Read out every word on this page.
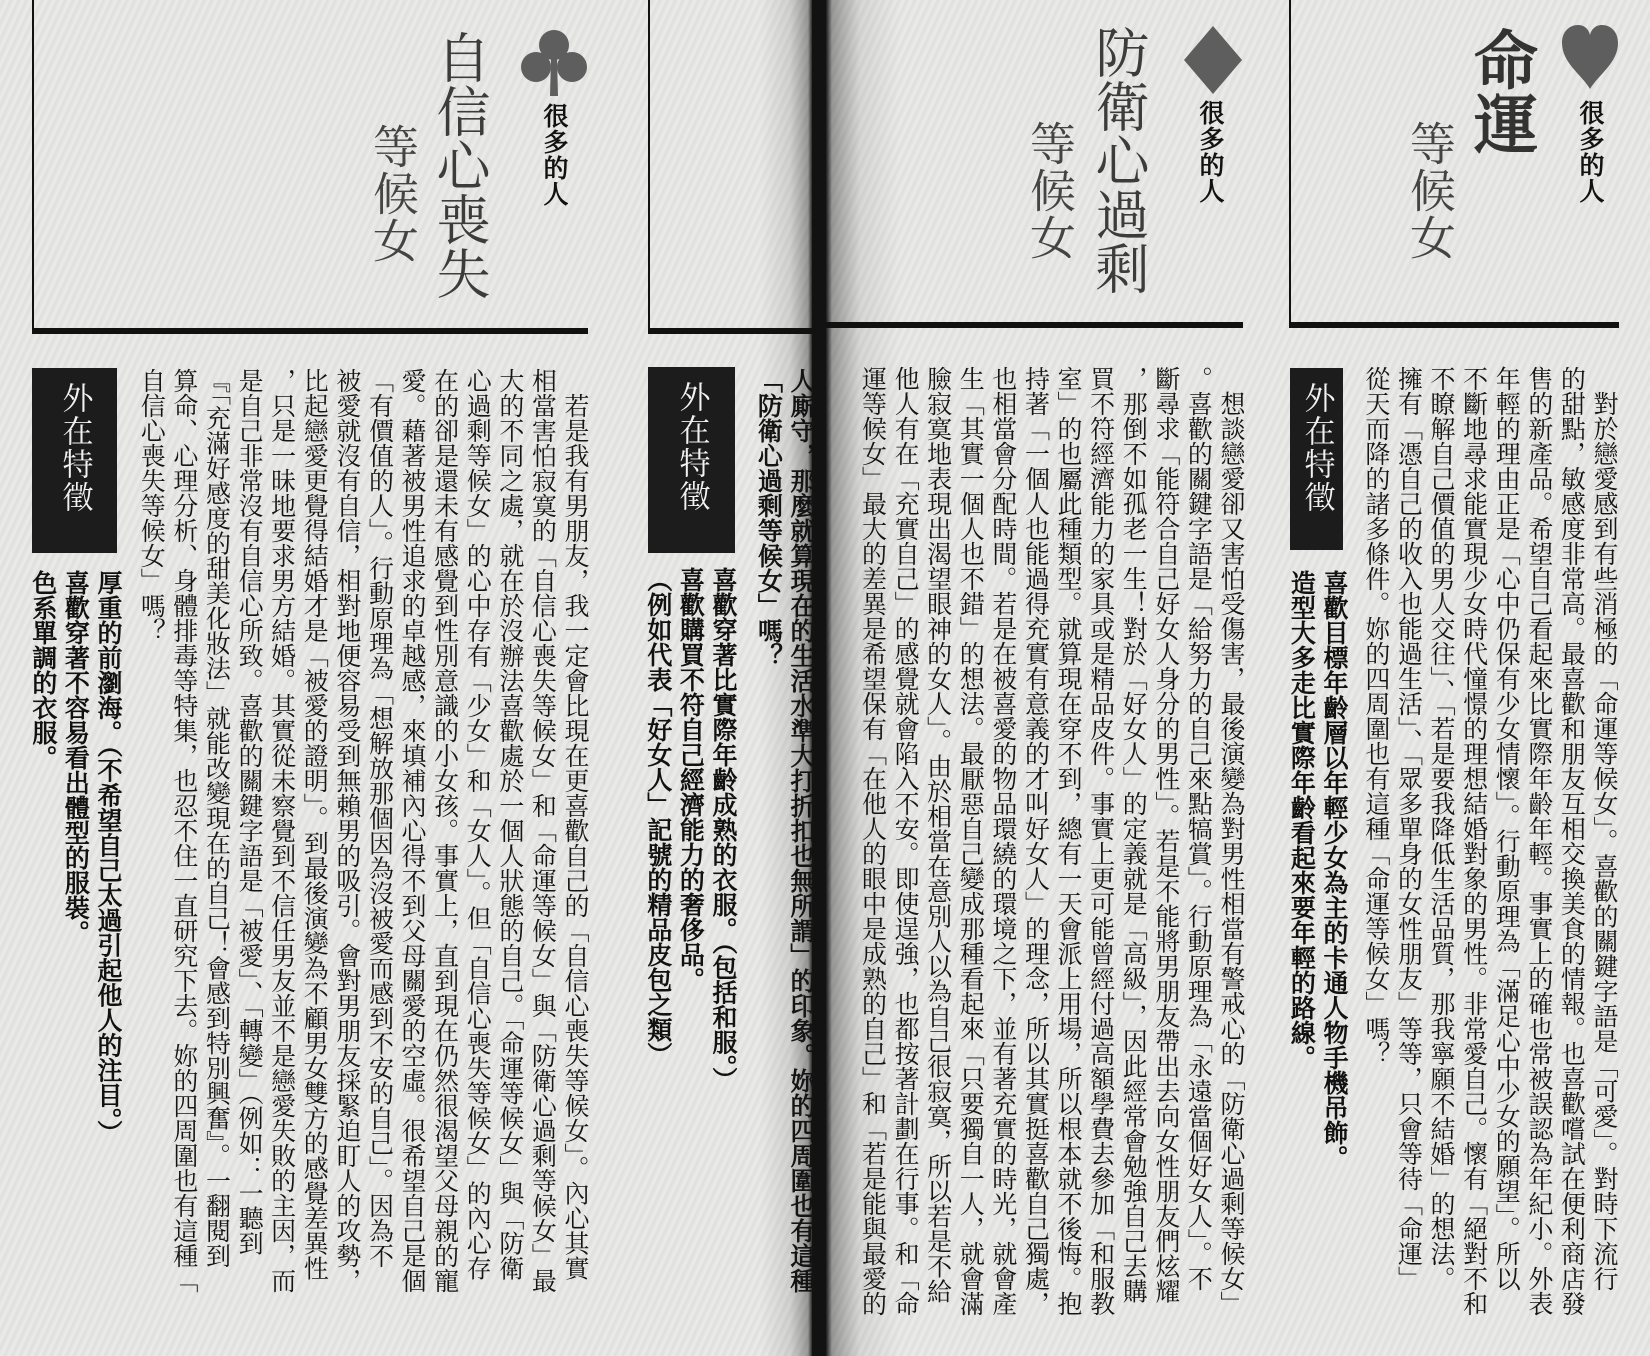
很多的人
命運
等候女
對於戀愛感到有些消極的「命運等候女」。喜歡的關鍵字語是「可愛」。對時下流行
的甜點，敏感度非常高。最喜歡和朋友互相交換美食的情報。也喜歡嚐試在便利商店發
售的新產品。希望自己看起來比實際年齡年輕。事實上的確也常被誤認為年紀小。外表
年輕的理由正是「心中仍保有少女情懷」。行動原理為「滿足心中少女的願望」。所以
不斷地尋求能實現少女時代憧憬的理想結婚對象的男性。非常愛自己。懷有「絕對不和
不瞭解自己價值的男人交往」、「若是要我降低生活品質，那我寧願不結婚」的想法。
擁有「憑自己的收入也能過生活」、「眾多單身的女性朋友」等等，只會等待「命運」
從天而降的諸多條件。妳的四周圍也有這種「命運等候女」嗎？
外在特徵
喜歡目標年齡層以年輕少女為主的卡通人物手機吊飾。
造型大多走比實際年齡看起來要年輕的路線。
很多的人
防衛心過剩
等候女
想談戀愛卻又害怕受傷害，最後演變為對男性相當有警戒心的「防衛心過剩等候女」
。喜歡的關鍵字語是「給努力的自己來點犒賞」。行動原理為「永遠當個好女人」。不
斷尋求「能符合自己好女人身分的男性」。若是不能將男朋友帶出去向女性朋友們炫耀
，那倒不如孤老一生！對於「好女人」的定義就是「高級」，因此經常會勉強自己去購
買不符經濟能力的家具或是精品皮件。事實上更可能曾經付過高額學費去參加「和服教
室」的也屬此種類型。就算現在穿不到，總有一天會派上用場，所以根本就不後悔。抱
持著「一個人也能過得充實有意義的才叫好女人」的理念，所以其實挺喜歡自己獨處，
也相當會分配時間。若是在被喜愛的物品環繞的環境之下，並有著充實的時光，就會產
生「其實一個人也不錯」的想法。最厭惡自己變成那種看起來「只要獨自一人，就會滿
臉寂寞地表現出渴望眼神的女人」。由於相當在意別人以為自己很寂寞，所以若是不給
他人有在「充實自己」的感覺就會陷入不安。即使逞強，也都按著計劃在行事。和「命
運等候女」最大的差異是希望保有「在他人的眼中是成熟的自己」和「若是能與最愛的
人廝守，那麼就算現在的生活水準大打折扣也無所謂」的印象。妳的四周圍也有這種
「防衛心過剩等候女」嗎？
外在特徵
喜歡穿著比實際年齡成熟的衣服。（包括和服。）
喜歡購買不符自己經濟能力的奢侈品。
（例如代表「好女人」記號的精品皮包之類）
很多的人
自信心喪失
等候女
若是我有男朋友，我一定會比現在更喜歡自己的「自信心喪失等候女」。內心其實
相當害怕寂寞的「自信心喪失等候女」和「命運等候女」與「防衛心過剩等候女」最
大的不同之處，就在於沒辦法喜歡處於一個人狀態的自己。「命運等候女」與「防衛
心過剩等候女」的心中存有「少女」和「女人」。但「自信心喪失等候女」的內心存
在的卻是還未有感覺到性別意識的小女孩。事實上，直到現在仍然很渴望父母親的寵
愛。藉著被男性追求的卓越感，來填補內心得不到父母關愛的空虛。很希望自己是個
「有價值的人」。行動原理為「想解放那個因為沒被愛而感到不安的自己」。因為不
被愛就沒有自信，相對地便容易受到無賴男的吸引。會對男朋友採緊迫盯人的攻勢，
比起戀愛更覺得結婚才是「被愛的證明」。到最後演變為不顧男女雙方的感覺差異性
，只是一昧地要求男方結婚。其實從未察覺到不信任男友並不是戀愛失敗的主因，而
是自己非常沒有自信心所致。喜歡的關鍵字語是「被愛」、「轉變」（例如：一聽到
『「充滿好感度的甜美化妝法」就能改變現在的自己！會感到特別興奮』。一翻閱到
算命、心理分析、身體排毒等特集，也忍不住一直研究下去。妳的四周圍也有這種「
自信心喪失等候女」嗎？
外在特徵
厚重的前瀏海。（不希望自己太過引起他人的注目。）
喜歡穿著不容易看出體型的服裝。
色系單調的衣服。
